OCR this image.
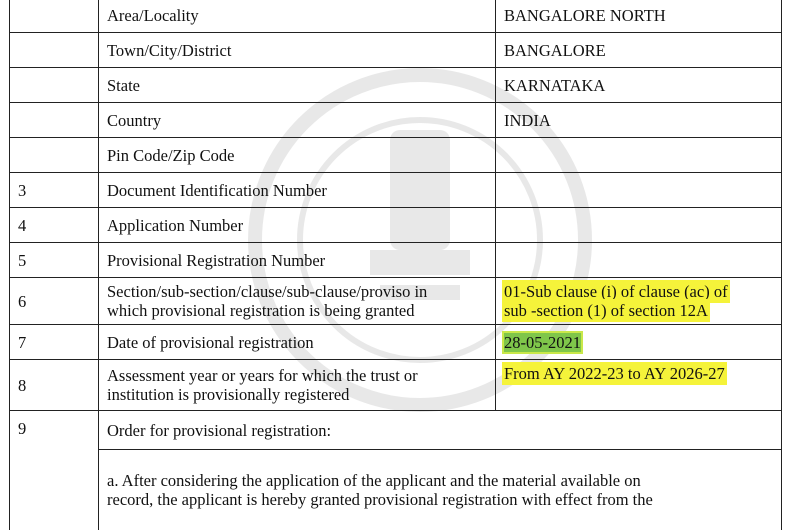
	Area/Locality	BANGALORE NORTH
	Town/City/District	BANGALORE
	State	KARNATAKA
	Country	INDIA
	Pin Code/Zip Code	
3	Document Identification Number	
4	Application Number	
5	Provisional Registration Number	
6	Section/sub-section/clause/sub-clause/proviso in
which provisional registration is being granted	01-Sub clause (i) of clause (ac) of
sub -section (1) of section 12A
7	Date of provisional registration	28-05-2021
8	Assessment year or years for which the trust or
institution is provisionally registered	From AY 2022-23 to AY 2026-27
9	Order for provisional registration:	
	a. After considering the application of the applicant and the material available on
record, the applicant is hereby granted provisional registration with effect from the	
